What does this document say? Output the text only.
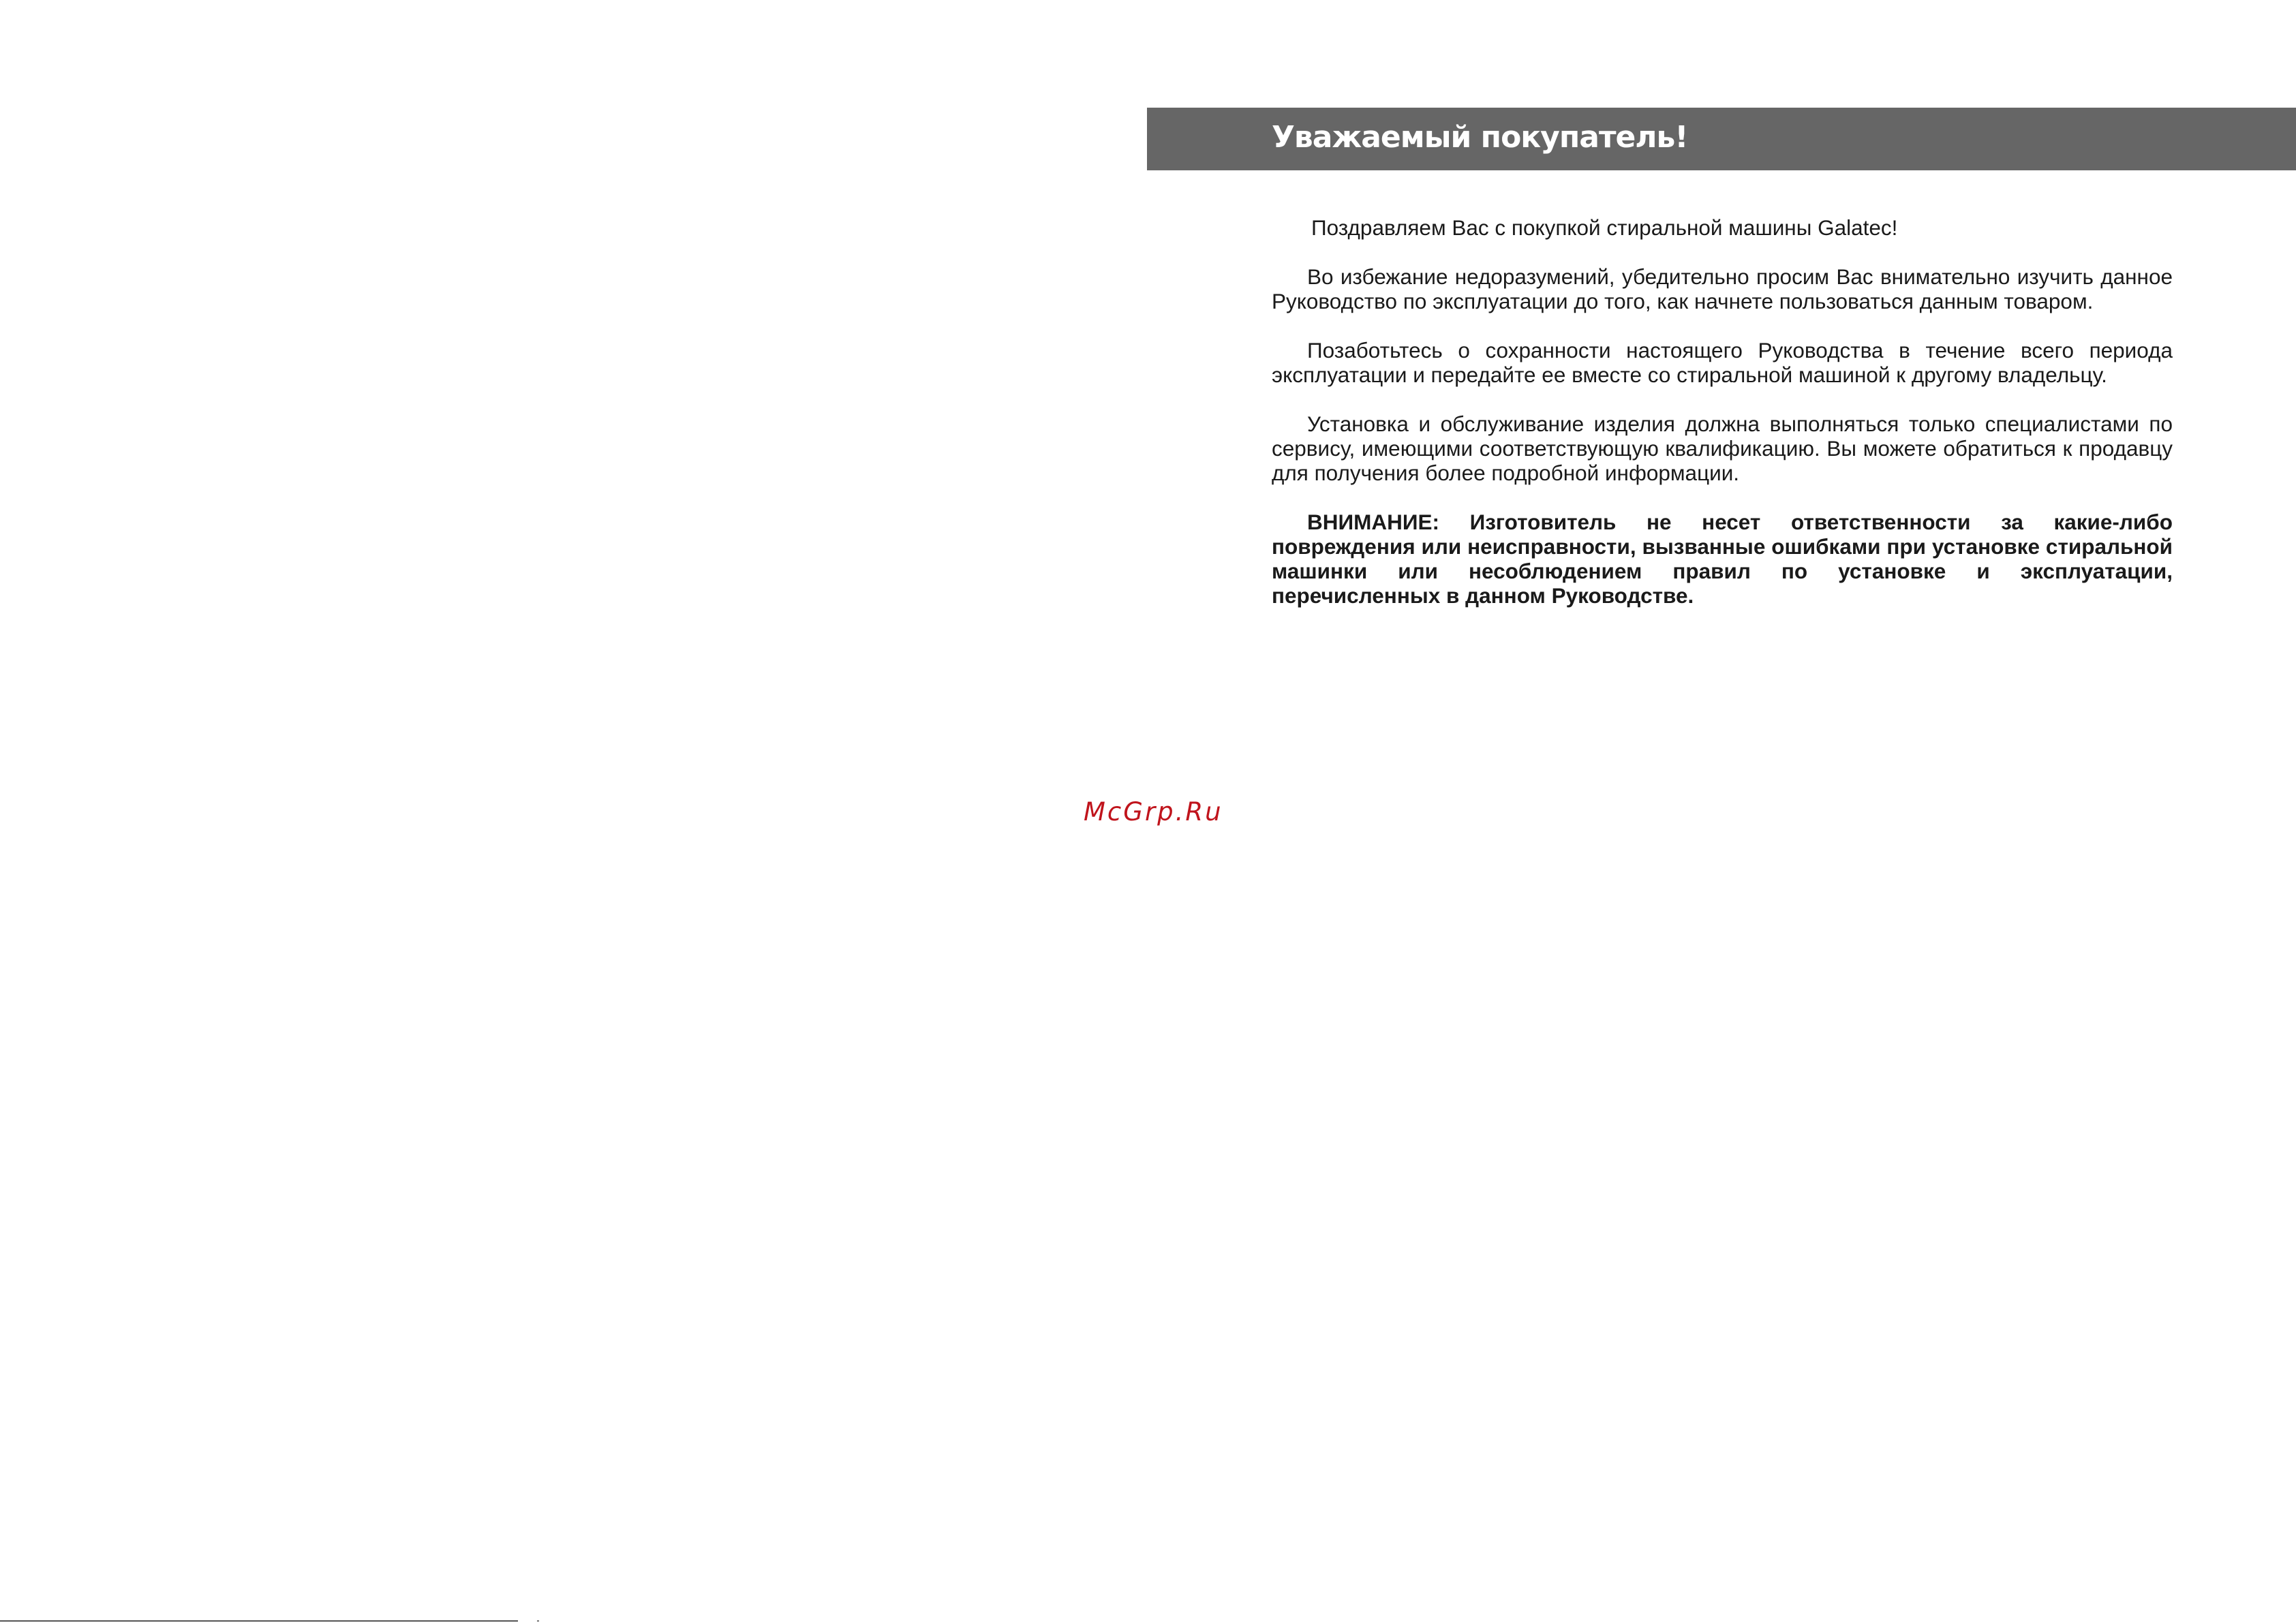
Уважаемый покупатель!

Поздравляем Вас с покупкой стиральной машины Galatec!

Во избежание недоразумений, убедительно просим Вас внимательно изучить данное Руководство по эксплуатации до того, как начнете пользоваться данным товаром.

Позаботьтесь о сохранности настоящего Руководства в течение всего периода эксплуатации и передайте ее вместе со стиральной машиной к другому владельцу.

Установка и обслуживание изделия должна выполняться только специалистами по сервису, имеющими соответствующую квалификацию. Вы можете обратиться к продавцу для получения более подробной информации.

ВНИМАНИЕ: Изготовитель не несет ответственности за какие-либо повреждения или неисправности, вызванные ошибками при установке стиральной машинки или несоблюдением правил по установке и эксплуатации, перечисленных в данном Руководстве.

McGrp.Ru
